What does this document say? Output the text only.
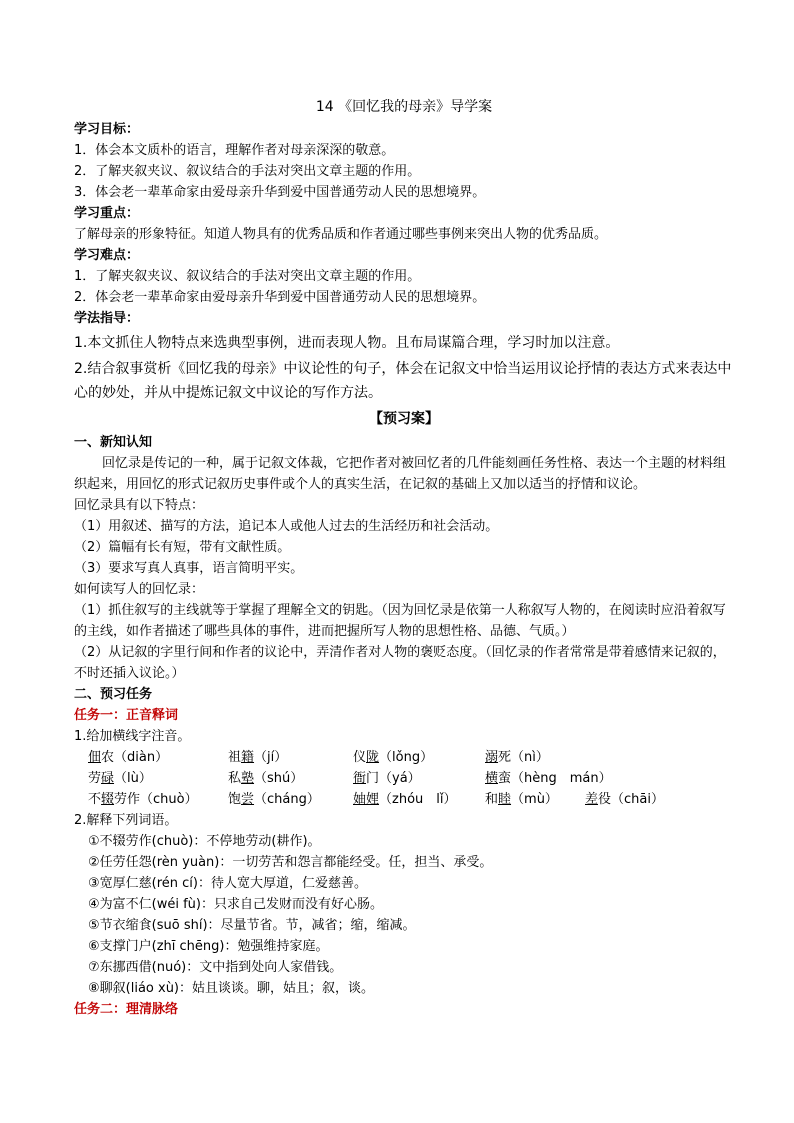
14 《回忆我的母亲》导学案

学习目标：

1．体会本文质朴的语言，理解作者对母亲深深的敬意。

2．了解夹叙夹议、叙议结合的手法对突出文章主题的作用。

3．体会老一辈革命家由爱母亲升华到爱中国普通劳动人民的思想境界。

学习重点：

了解母亲的形象特征。知道人物具有的优秀品质和作者通过哪些事例来突出人物的优秀品质。

学习难点：

1．了解夹叙夹议、叙议结合的手法对突出文章主题的作用。

2．体会老一辈革命家由爱母亲升华到爱中国普通劳动人民的思想境界。

学法指导：

1.本文抓住人物特点来选典型事例，进而表现人物。且布局谋篇合理，学习时加以注意。

2.结合叙事赏析《回忆我的母亲》中议论性的句子，体会在记叙文中恰当运用议论抒情的表达方式来表达中心的妙处，并从中提炼记叙文中议论的写作方法。

【预习案】

一、新知认知

回忆录是传记的一种，属于记叙文体裁，它把作者对被回忆者的几件能刻画任务性格、表达一个主题的材料组织起来，用回忆的形式记叙历史事件或个人的真实生活，在记叙的基础上又加以适当的抒情和议论。

回忆录具有以下特点：

（1）用叙述、描写的方法，追记本人或他人过去的生活经历和社会活动。

（2）篇幅有长有短，带有文献性质。

（3）要求写真人真事，语言简明平实。

如何读写人的回忆录：

（1）抓住叙写的主线就等于掌握了理解全文的钥匙。（因为回忆录是依第一人称叙写人物的，在阅读时应沿着叙写的主线，如作者描述了哪些具体的事件，进而把握所写人物的思想性格、品德、气质。）

（2）从记叙的字里行间和作者的议论中，弄清作者对人物的褒贬态度。（回忆录的作者常常是带着感情来记叙的，不时还插入议论。）

二、预习任务

任务一：正音释词

1.给加横线字注音。

佃农（diàn）	祖籍（jí）	仪陇（lǒng）	溺死（nì）
劳碌（lù）	私塾（shú）	衙门（yá）	横蛮（hèng　mán）
不辍劳作（chuò）	饱尝（cháng）	妯娌（zhóu　lǐ）	和睦（mù）	差役（chāi）

2.解释下列词语。

①不辍劳作(chuò)：不停地劳动(耕作)。

②任劳任怨(rèn yuàn)：一切劳苦和怨言都能经受。任，担当、承受。

③宽厚仁慈(rén cí)：待人宽大厚道，仁爱慈善。

④为富不仁(wéi fù)：只求自己发财而没有好心肠。

⑤节衣缩食(suō shí)：尽量节省。节，减省；缩，缩减。

⑥支撑门户(zhī chēng)：勉强维持家庭。

⑦东挪西借(nuó)：文中指到处向人家借钱。

⑧聊叙(liáo xù)：姑且谈谈。聊，姑且；叙，谈。

任务二：理清脉络
